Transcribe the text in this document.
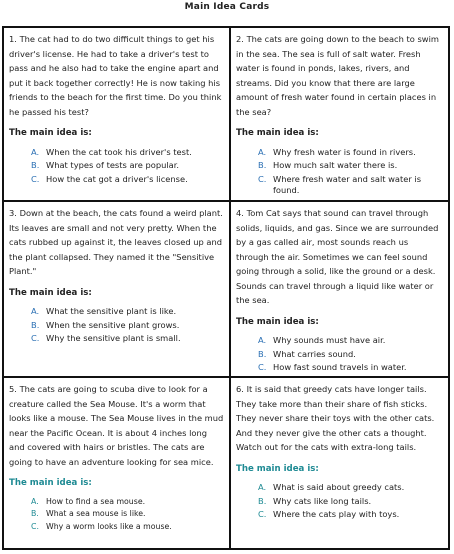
Main Idea Cards

1. The cat had to do two difficult things to get his driver's license. He had to take a driver's test to pass and he also had to take the engine apart and put it back together correctly! He is now taking his friends to the beach for the first time. Do you think he passed his test?

The main idea is:
A. When the cat took his driver's test.
B. What types of tests are popular.
C. How the cat got a driver's license.

2. The cats are going down to the beach to swim in the sea. The sea is full of salt water. Fresh water is found in ponds, lakes, rivers, and streams. Did you know that there are large amount of fresh water found in certain places in the sea?

The main idea is:
A. Why fresh water is found in rivers.
B. How much salt water there is.
C. Where fresh water and salt water is found.

3. Down at the beach, the cats found a weird plant. Its leaves are small and not very pretty. When the cats rubbed up against it, the leaves closed up and the plant collapsed. They named it the "Sensitive Plant."

The main idea is:
A. What the sensitive plant is like.
B. When the sensitive plant grows.
C. Why the sensitive plant is small.

4. Tom Cat says that sound can travel through solids, liquids, and gas. Since we are surrounded by a gas called air, most sounds reach us through the air. Sometimes we can feel sound going through a solid, like the ground or a desk. Sounds can travel through a liquid like water or the sea.

The main idea is:
A. Why sounds must have air.
B. What carries sound.
C. How fast sound travels in water.

5. The cats are going to scuba dive to look for a creature called the Sea Mouse. It's a worm that looks like a mouse. The Sea Mouse lives in the mud near the Pacific Ocean. It is about 4 inches long and covered with hairs or bristles. The cats are going to have an adventure looking for sea mice.

The main idea is:
A. How to find a sea mouse.
B. What a sea mouse is like.
C. Why a worm looks like a mouse.

6. It is said that greedy cats have longer tails. They take more than their share of fish sticks. They never share their toys with the other cats. And they never give the other cats a thought. Watch out for the cats with extra-long tails.

The main idea is:
A. What is said about greedy cats.
B. Why cats like long tails.
C. Where the cats play with toys.
